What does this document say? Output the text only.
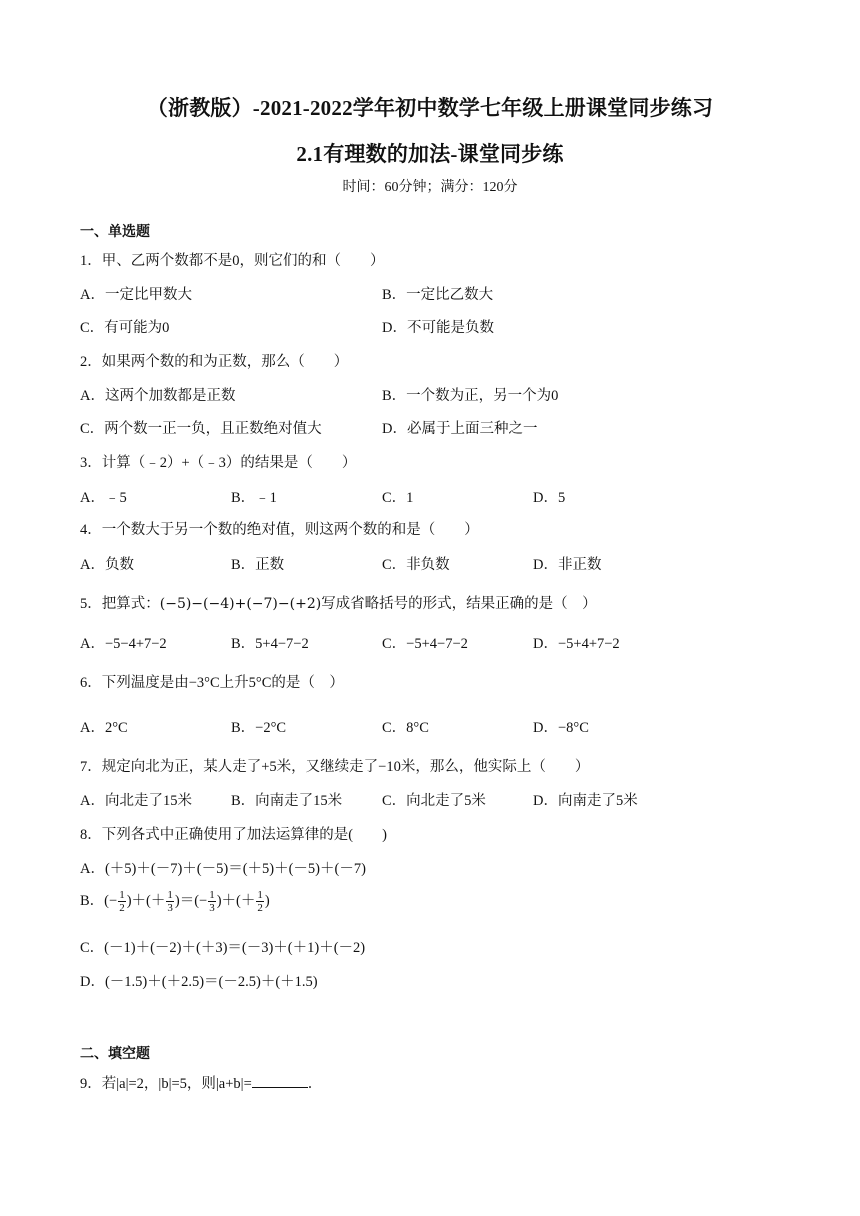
（浙教版）-2021-2022学年初中数学七年级上册课堂同步练习
2.1有理数的加法-课堂同步练
时间：60分钟；满分：120分
一、单选题
1．甲、乙两个数都不是0，则它们的和（　　）
A．一定比甲数大	B．一定比乙数大
C．有可能为0	D．不可能是负数
2．如果两个数的和为正数，那么（　　）
A．这两个加数都是正数	B．一个数为正，另一个为0
C．两个数一正一负，且正数绝对值大	D．必属于上面三种之一
3．计算（﹣2）+（﹣3）的结果是（　　）
A．﹣5	B．﹣1	C．1	D．5
4．一个数大于另一个数的绝对值，则这两个数的和是（　　）
A．负数	B．正数	C．非负数	D．非正数
5．把算式：(−5)−(−4)+(−7)−(+2)写成省略括号的形式，结果正确的是（　）
A．−5−4+7−2	B．5+4−7−2	C．−5+4−7−2	D．−5+4+7−2
6．下列温度是由−3°C上升5°C的是（　）
A．2°C	B．−2°C	C．8°C	D．−8°C
7．规定向北为正，某人走了+5米，又继续走了−10米，那么，他实际上（　　）
A．向北走了15米	B．向南走了15米	C．向北走了5米	D．向南走了5米
8．下列各式中正确使用了加法运算律的是(　　)
A．(＋5)＋(－7)＋(－5)＝(＋5)＋(－5)＋(－7)
B．(− $\frac{1}{2}$ )＋(＋ $\frac{1}{3}$ )＝(− $\frac{1}{3}$ )＋(＋ $\frac{1}{2}$ )
C．(－1)＋(－2)＋(＋3)＝(－3)＋(＋1)＋(－2)
D．(－1.5)＋(＋2.5)＝(－2.5)＋(＋1.5)
二、填空题
9．若|a|=2，|b|=5，则|a+b|=	．
